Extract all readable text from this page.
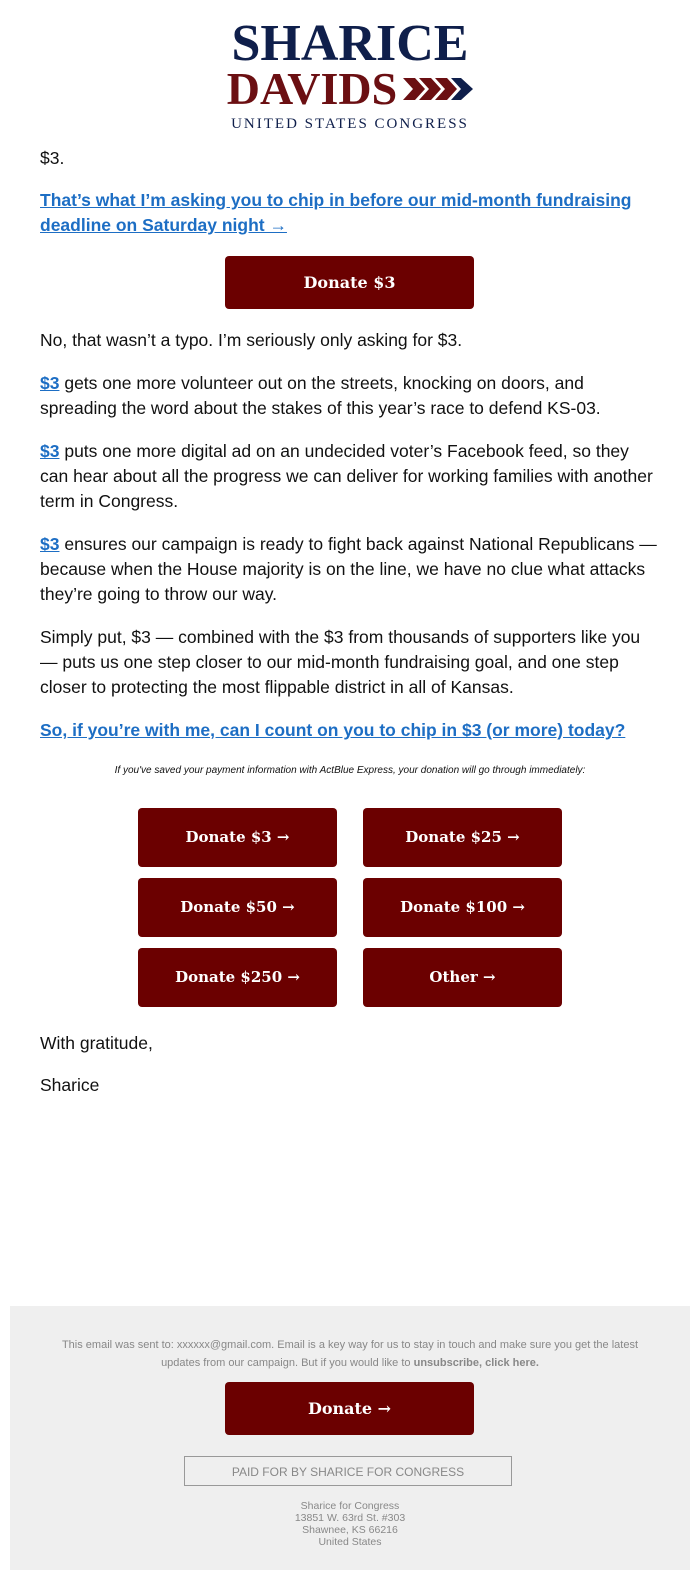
SHARICE
DAVIDS
UNITED STATES CONGRESS

$3.

That’s what I’m asking you to chip in before our mid-month fundraising deadline on Saturday night →
Donate $3

No, that wasn’t a typo. I’m seriously only asking for $3.

$3 gets one more volunteer out on the streets, knocking on doors, and spreading the word about the stakes of this year’s race to defend KS-03.

$3 puts one more digital ad on an undecided voter’s Facebook feed, so they can hear about all the progress we can deliver for working families with another term in Congress.

$3 ensures our campaign is ready to fight back against National Republicans — because when the House majority is on the line, we have no clue what attacks they’re going to throw our way.

Simply put, $3 — combined with the $3 from thousands of supporters like you — puts us one step closer to our mid-month fundraising goal, and one step closer to protecting the most flippable district in all of Kansas.

So, if you’re with me, can I count on you to chip in $3 (or more) today?

If you've saved your payment information with ActBlue Express, your donation will go through immediately:

Donate $3 →	Donate $25 →
Donate $50 →	Donate $100 →
Donate $250 →	Other →

With gratitude,

Sharice

This email was sent to: xxxxxx@gmail.com. Email is a key way for us to stay in touch and make sure you get the latest updates from our campaign. But if you would like to unsubscribe, click here.
Donate →
PAID FOR BY SHARICE FOR CONGRESS
Sharice for Congress
13851 W. 63rd St. #303
Shawnee, KS 66216
United States
